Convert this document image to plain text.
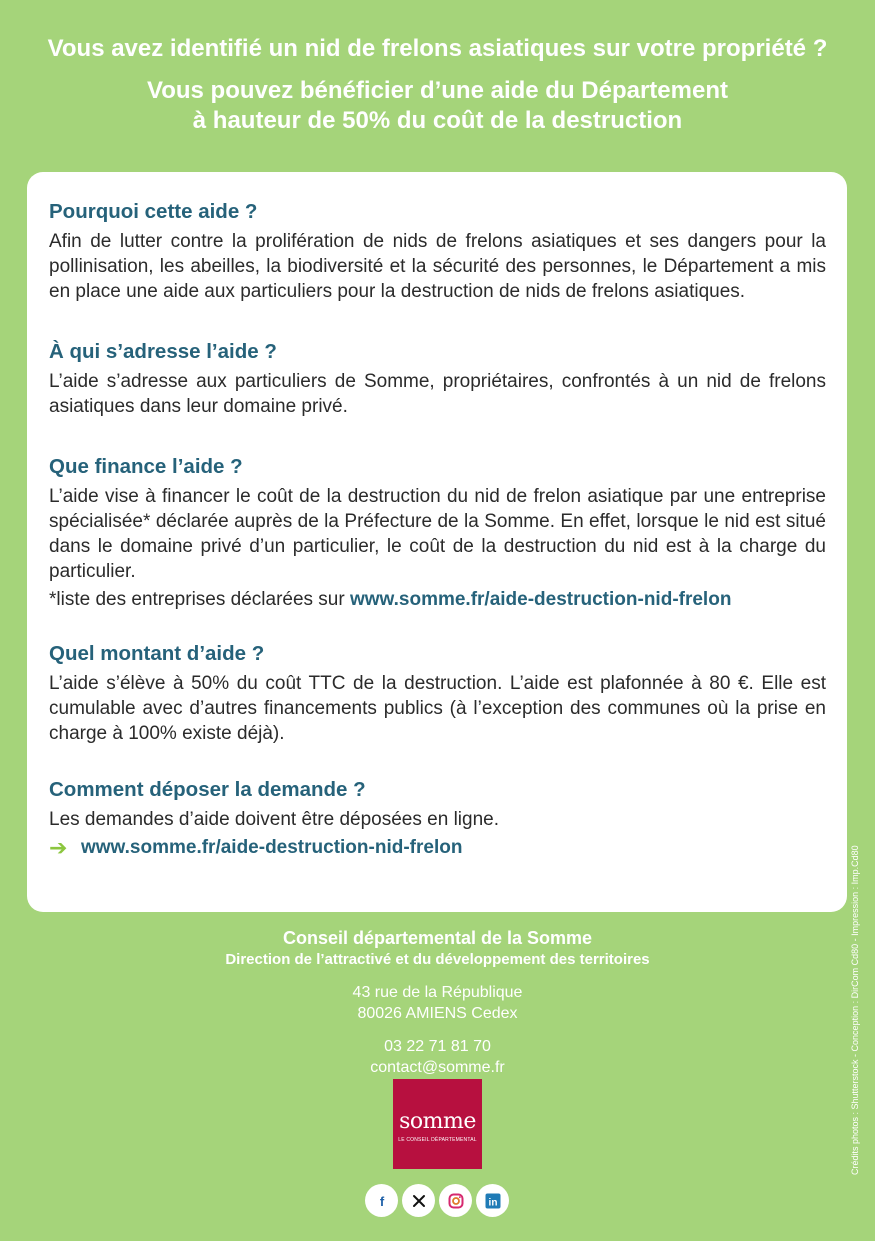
Vous avez identifié un nid de frelons asiatiques sur votre propriété ?
Vous pouvez bénéficier d’une aide du Département
à hauteur de 50% du coût de la destruction
Pourquoi cette aide ?

Afin de lutter contre la prolifération de nids de frelons asiatiques et ses dangers pour la pollinisation, les abeilles, la biodiversité et la sécurité des personnes, le Département a mis en place une aide aux particuliers pour la destruction de nids de frelons asiatiques.

À qui s’adresse l’aide ?

L’aide s’adresse aux particuliers de Somme, propriétaires, confrontés à un nid de frelons asiatiques dans leur domaine privé.

Que finance l’aide ?

L’aide vise à financer le coût de la destruction du nid de frelon asiatique par une entreprise spécialisée* déclarée auprès de la Préfecture de la Somme. En effet, lorsque le nid est situé dans le domaine privé d’un particulier, le coût de la destruction du nid est à la charge du particulier.

*liste des entreprises déclarées sur www.somme.fr/aide-destruction-nid-frelon

Quel montant d’aide ?

L’aide s’élève à 50% du coût TTC de la destruction. L’aide est plafonnée à 80 €. Elle est cumulable avec d’autres financements publics (à l’exception des communes où la prise en charge à 100% existe déjà).

Comment déposer la demande ?

Les demandes d’aide doivent être déposées en ligne.

➔ www.somme.fr/aide-destruction-nid-frelon

Conseil départemental de la Somme
Direction de l’attractivé et du développement des territoires
43 rue de la République
80026 AMIENS Cedex
03 22 71 81 70
contact@somme.fr
somme
LE CONSEIL DÉPARTEMENTAL
f	in
Crédits photos : Shutterstock - Conception : DirCom Cd80 - Impression : Imp.Cd80
